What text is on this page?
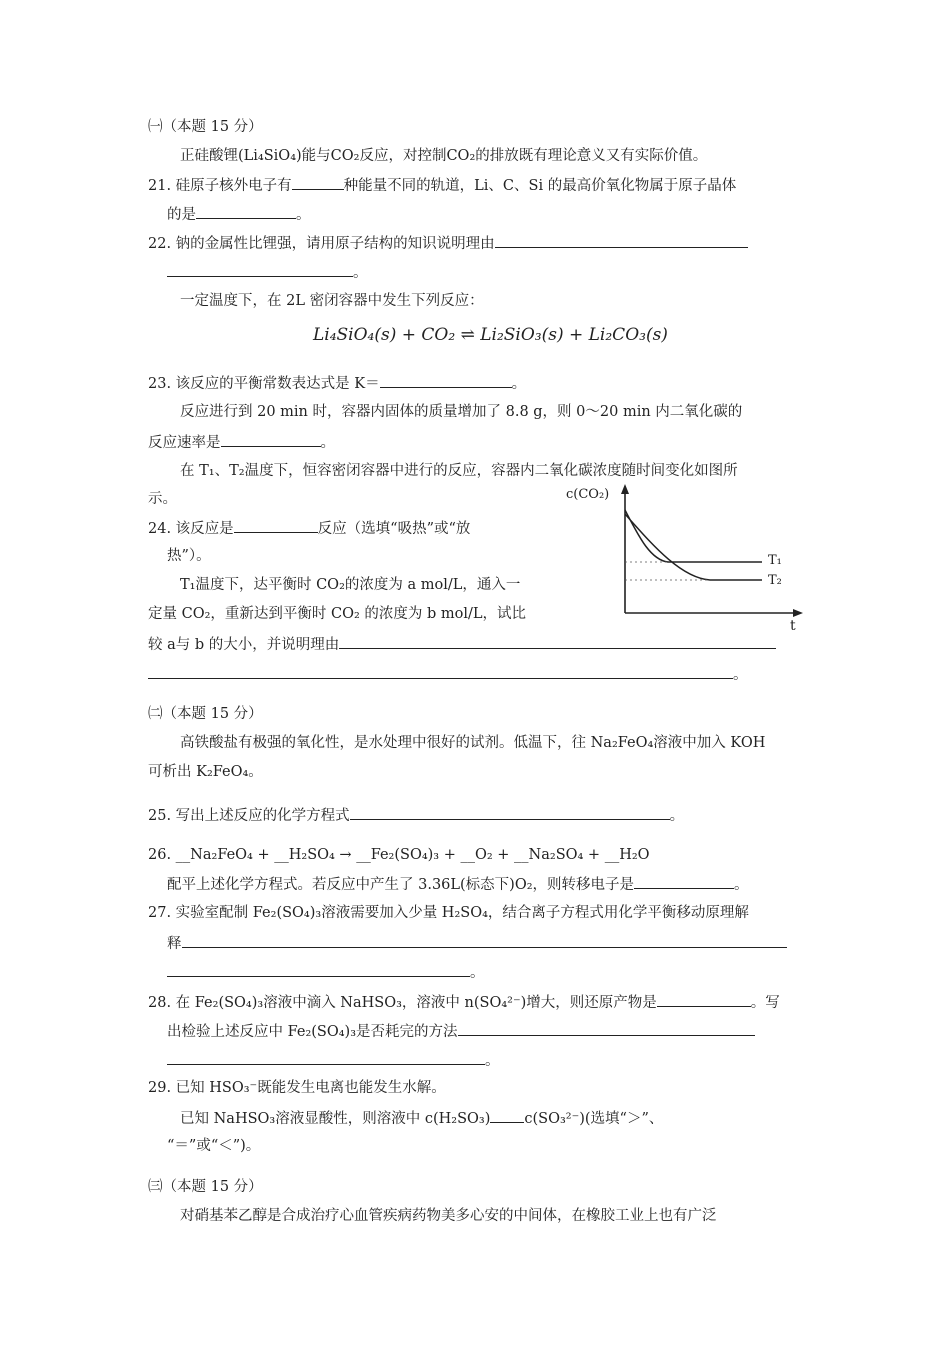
㈠（本题 15 分）
正硅酸锂(Li₄SiO₄)能与CO₂反应，对控制CO₂的排放既有理论意义又有实际价值。
21. 硅原子核外电子有	种能量不同的轨道，Li、C、Si 的最高价氧化物属于原子晶体
的是	。
22. 钠的金属性比锂强，请用原子结构的知识说明理由
。
一定温度下，在 2L 密闭容器中发生下列反应：
Li₄SiO₄(s) + CO₂ ⇌ Li₂SiO₃(s) + Li₂CO₃(s)
23. 该反应的平衡常数表达式是 K＝	。
反应进行到 20 min 时，容器内固体的质量增加了 8.8 g，则 0～20 min 内二氧化碳的
反应速率是	。
在 T₁、T₂温度下，恒容密闭容器中进行的反应，容器内二氧化碳浓度随时间变化如图所
示。
24. 该反应是	反应（选填“吸热”或“放
热”）。
T₁温度下，达平衡时 CO₂的浓度为 a mol/L，通入一
定量 CO₂，重新达到平衡时 CO₂ 的浓度为 b mol/L，试比
较 a与 b 的大小，并说明理由
。
c(CO₂)
t
T₁
T₂
㈡（本题 15 分）
高铁酸盐有极强的氧化性，是水处理中很好的试剂。低温下，往 Na₂FeO₄溶液中加入 KOH
可析出 K₂FeO₄。
25. 写出上述反应的化学方程式	。
26. __Na₂FeO₄ + __H₂SO₄ → __Fe₂(SO₄)₃ + __O₂ + __Na₂SO₄ + __H₂O
配平上述化学方程式。若反应中产生了 3.36L(标态下)O₂，则转移电子是	。
27. 实验室配制 Fe₂(SO₄)₃溶液需要加入少量 H₂SO₄，结合离子方程式用化学平衡移动原理解
释
。
28. 在 Fe₂(SO₄)₃溶液中滴入 NaHSO₃，溶液中 n(SO₄²⁻)增大，则还原产物是	。写
出检验上述反应中 Fe₂(SO₄)₃是否耗完的方法
。
29. 已知 HSO₃⁻既能发生电离也能发生水解。
已知 NaHSO₃溶液显酸性，则溶液中 c(H₂SO₃) c(SO₃²⁻)(选填“＞”、
“＝”或“＜”)。
㈢（本题 15 分）
对硝基苯乙醇是合成治疗心血管疾病药物美多心安的中间体，在橡胶工业上也有广泛
